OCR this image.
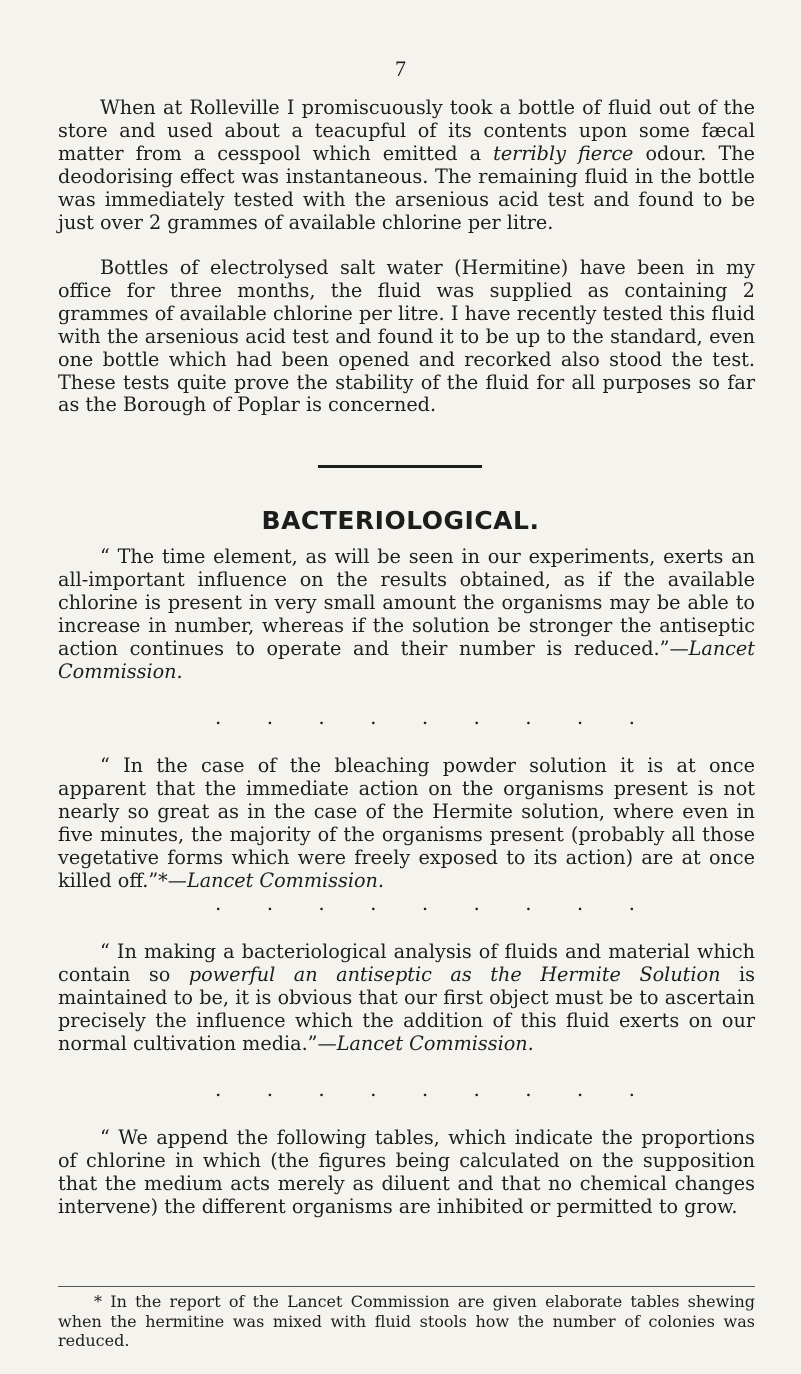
7

When at Rolleville I promiscuously took a bottle of fluid out of the store and used about a teacupful of its contents upon some fæcal matter from a cesspool which emitted a terribly fierce odour. The deodorising effect was instantaneous. The remaining fluid in the bottle was immediately tested with the arsenious acid test and found to be just over 2 grammes of available chlorine per litre.

Bottles of electrolysed salt water (Hermitine) have been in my office for three months, the fluid was supplied as containing 2 grammes of available chlorine per litre. I have recently tested this fluid with the arsenious acid test and found it to be up to the standard, even one bottle which had been opened and recorked also stood the test. These tests quite prove the stability of the fluid for all purposes so far as the Borough of Poplar is concerned.

BACTERIOLOGICAL.

“ The time element, as will be seen in our experiments, exerts an all-important influence on the results obtained, as if the available chlorine is present in very small amount the organisms may be able to increase in number, whereas if the solution be stronger the antiseptic action continues to operate and their number is reduced.”—Lancet Commission.

. . . . . . . . .

“ In the case of the bleaching powder solution it is at once apparent that the immediate action on the organisms present is not nearly so great as in the case of the Hermite solution, where even in five minutes, the majority of the organisms present (probably all those vegetative forms which were freely exposed to its action) are at once killed off.”*—Lancet Commission.

. . . . . . . . .

“ In making a bacteriological analysis of fluids and material which contain so powerful an antiseptic as the Hermite Solution is maintained to be, it is obvious that our first object must be to ascertain precisely the influence which the addition of this fluid exerts on our normal cultivation media.”—Lancet Commission.

. . . . . . . . .

“ We append the following tables, which indicate the proportions of chlorine in which (the figures being calculated on the supposition that the medium acts merely as diluent and that no chemical changes intervene) the different organisms are inhibited or permitted to grow.

* In the report of the Lancet Commission are given elaborate tables shewing when the hermitine was mixed with fluid stools how the number of colonies was reduced.
